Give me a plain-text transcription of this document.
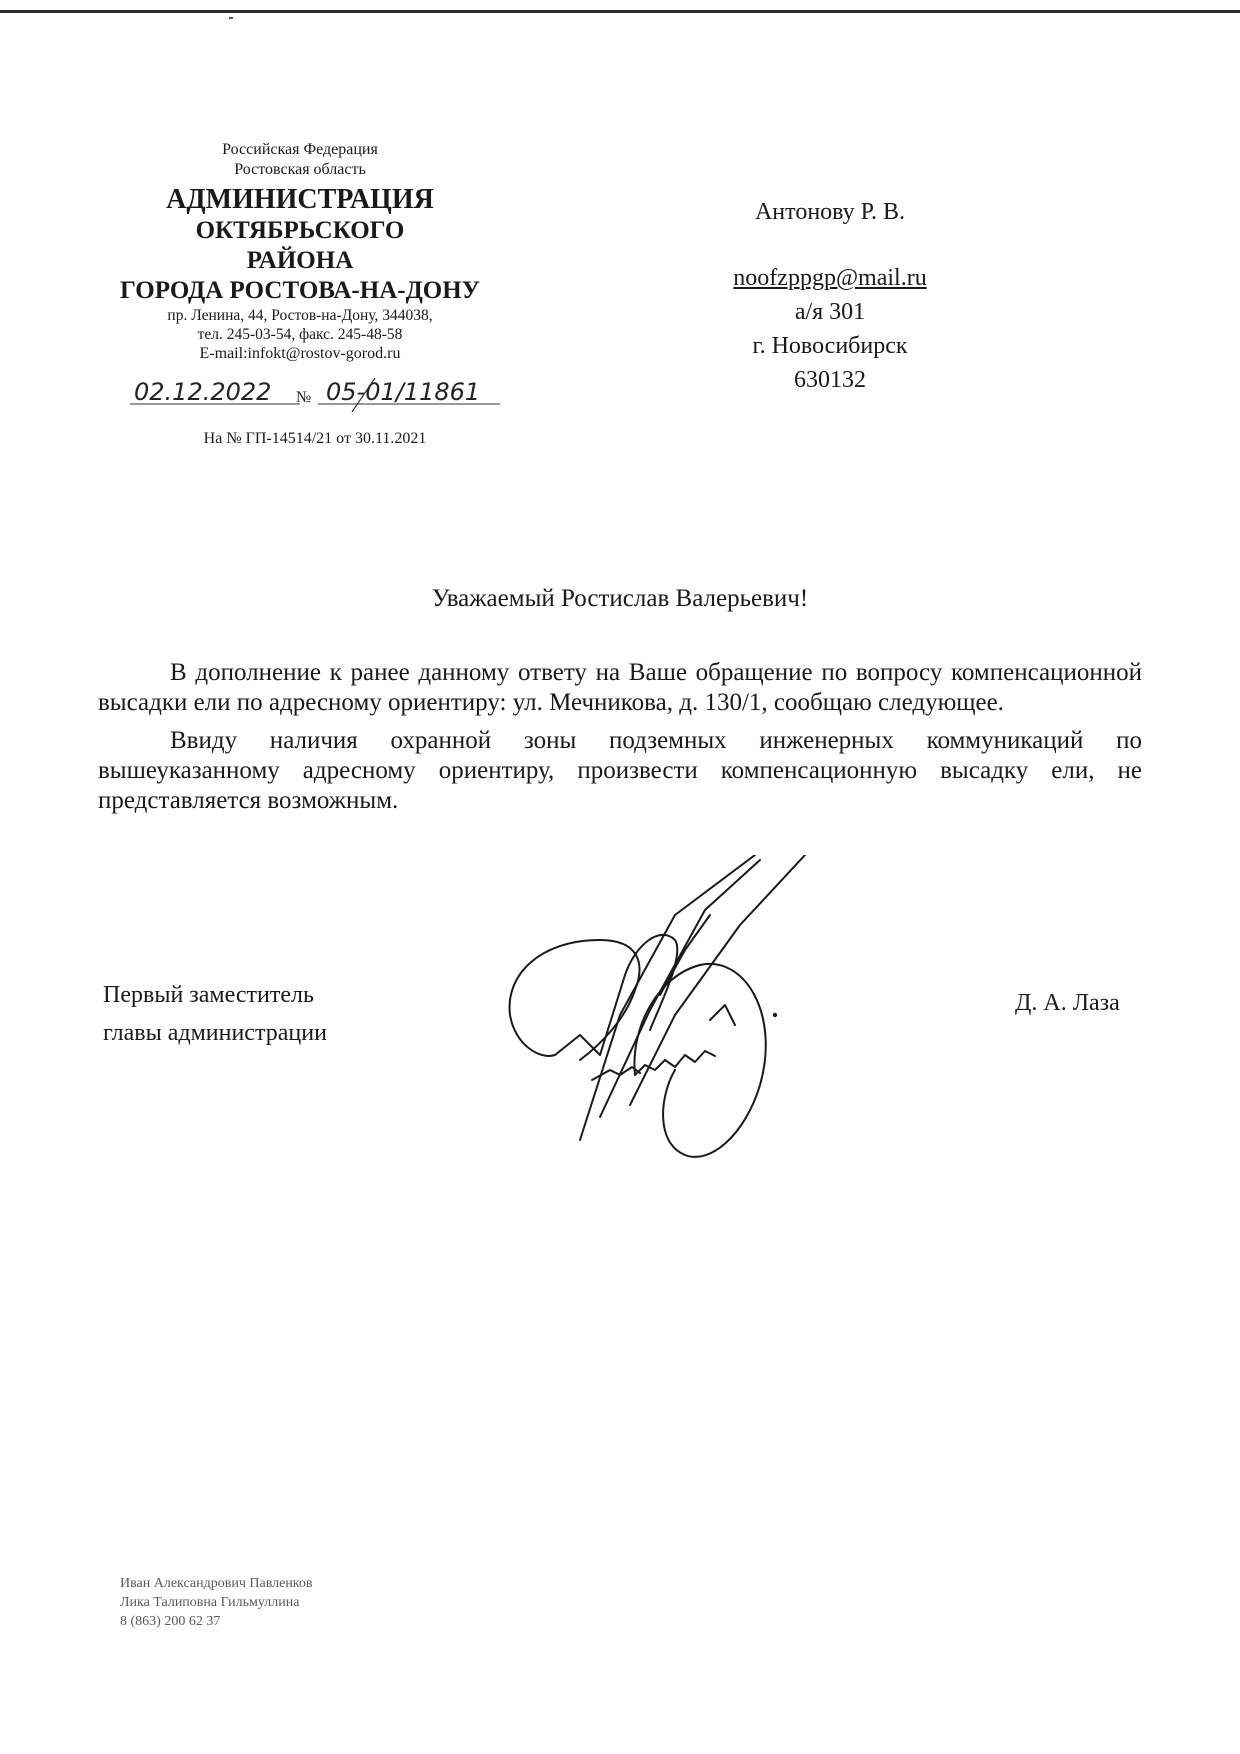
Российская Федерация
Ростовская область
АДМИНИСТРАЦИЯ
ОКТЯБРЬСКОГО
РАЙОНА
ГОРОДА РОСТОВА-НА-ДОНУ
пр. Ленина, 44, Ростов-на-Дону, 344038,
тел. 245-03-54, факс. 245-48-58
E-mail:infokt@rostov-gorod.ru
02.12.2022 № 05-01/11861
На № ГП-14514/21 от 30.11.2021
Антонову Р. В.
noofzppgp@mail.ru
а/я 301
г. Новосибирск
630132
Уважаемый Ростислав Валерьевич!

В дополнение к ранее данному ответу на Ваше обращение по вопросу компенсационной высадки ели по адресному ориентиру: ул. Мечникова, д. 130/1, сообщаю следующее.

Ввиду наличия охранной зоны подземных инженерных коммуникаций по вышеуказанному адресному ориентиру, произвести компенсационную высадку ели, не представляется возможным.

Первый заместитель
главы администрации
Д. А. Лаза
Иван Александрович Павленков
Лика Талиповна Гильмуллина
8 (863) 200 62 37
